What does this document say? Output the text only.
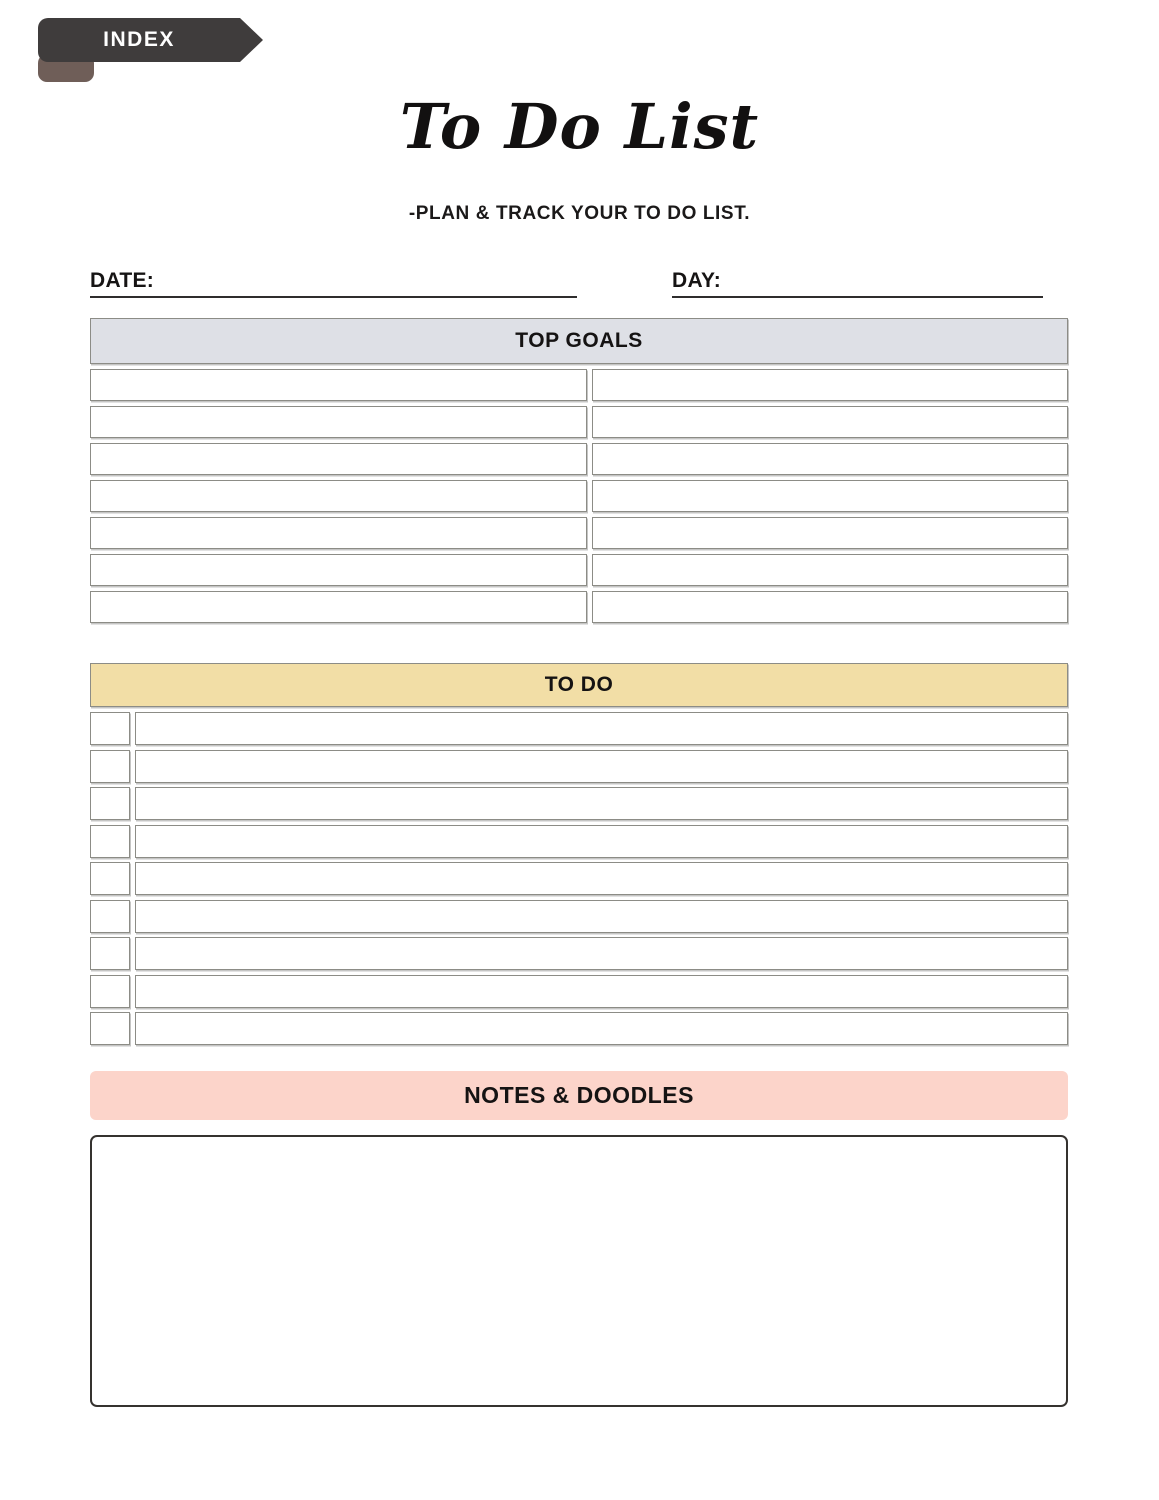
INDEX
To Do List
-PLAN & TRACK YOUR TO DO LIST.
DATE:	DAY:
TOP GOALS
TO DO
NOTES & DOODLES
